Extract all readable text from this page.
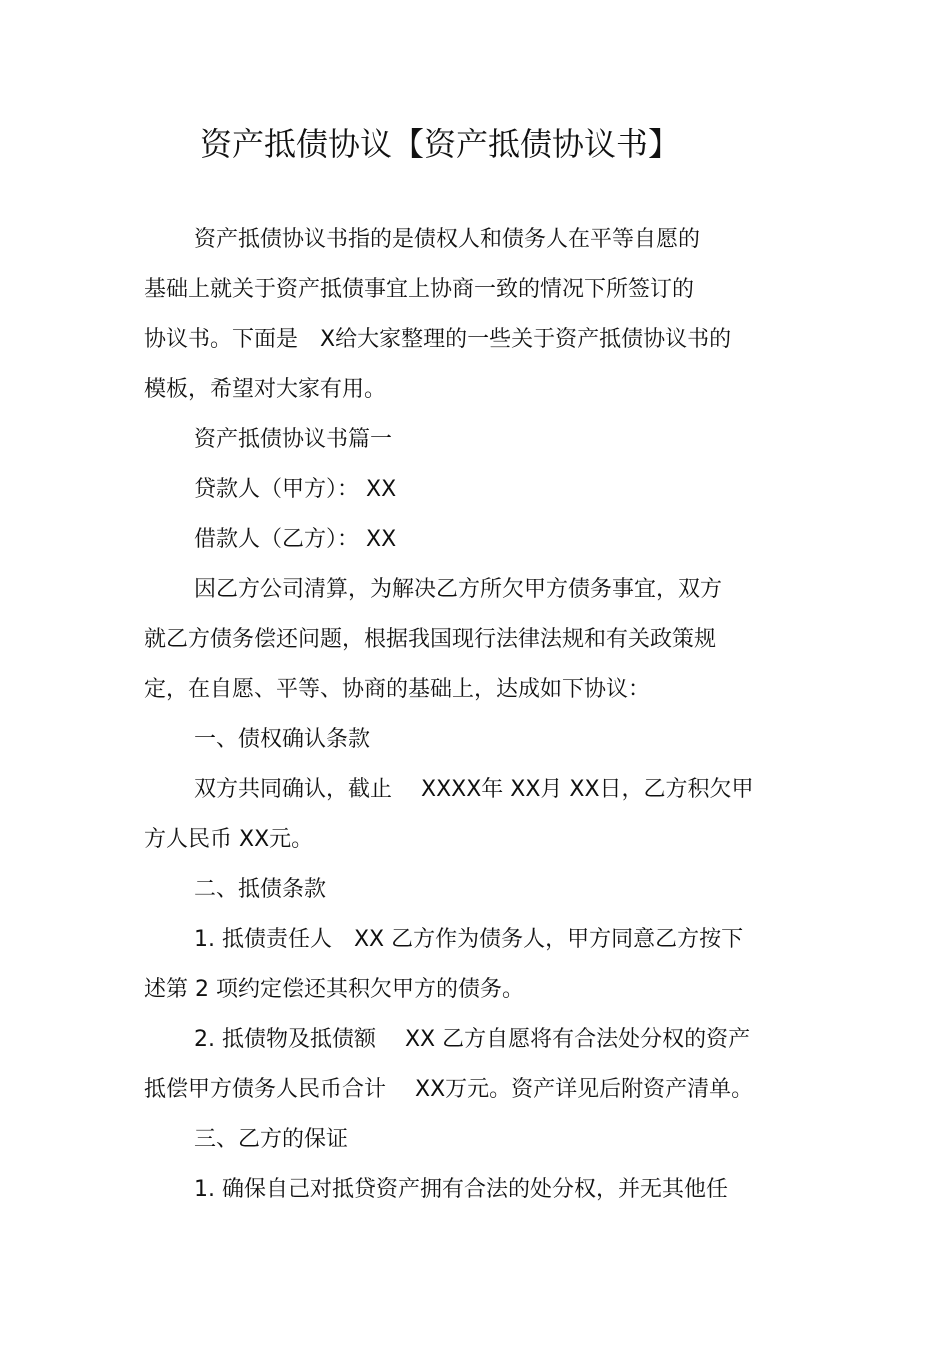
资产抵债协议【资产抵债协议书】
资产抵债协议书指的是债权人和债务人在平等自愿的
基础上就关于资产抵债事宜上协商一致的情况下所签订的
协议书。下面是　X给大家整理的一些关于资产抵债协议书的
模板，希望对大家有用。
资产抵债协议书篇一
贷款人（甲方）： XX
借款人（乙方）： XX
因乙方公司清算，为解决乙方所欠甲方债务事宜，双方
就乙方债务偿还问题，根据我国现行法律法规和有关政策规
定，在自愿、平等、协商的基础上，达成如下协议：
一、债权确认条款
双方共同确认，截止　 XXXX年 XX月 XX日，乙方积欠甲
方人民币 XX元。
二、抵债条款
1. 抵债责任人　XX 乙方作为债务人，甲方同意乙方按下
述第 2 项约定偿还其积欠甲方的债务。
2. 抵债物及抵债额　 XX 乙方自愿将有合法处分权的资产
抵偿甲方债务人民币合计　 XX万元。资产详见后附资产清单。
三、乙方的保证
1. 确保自己对抵贷资产拥有合法的处分权，并无其他任
